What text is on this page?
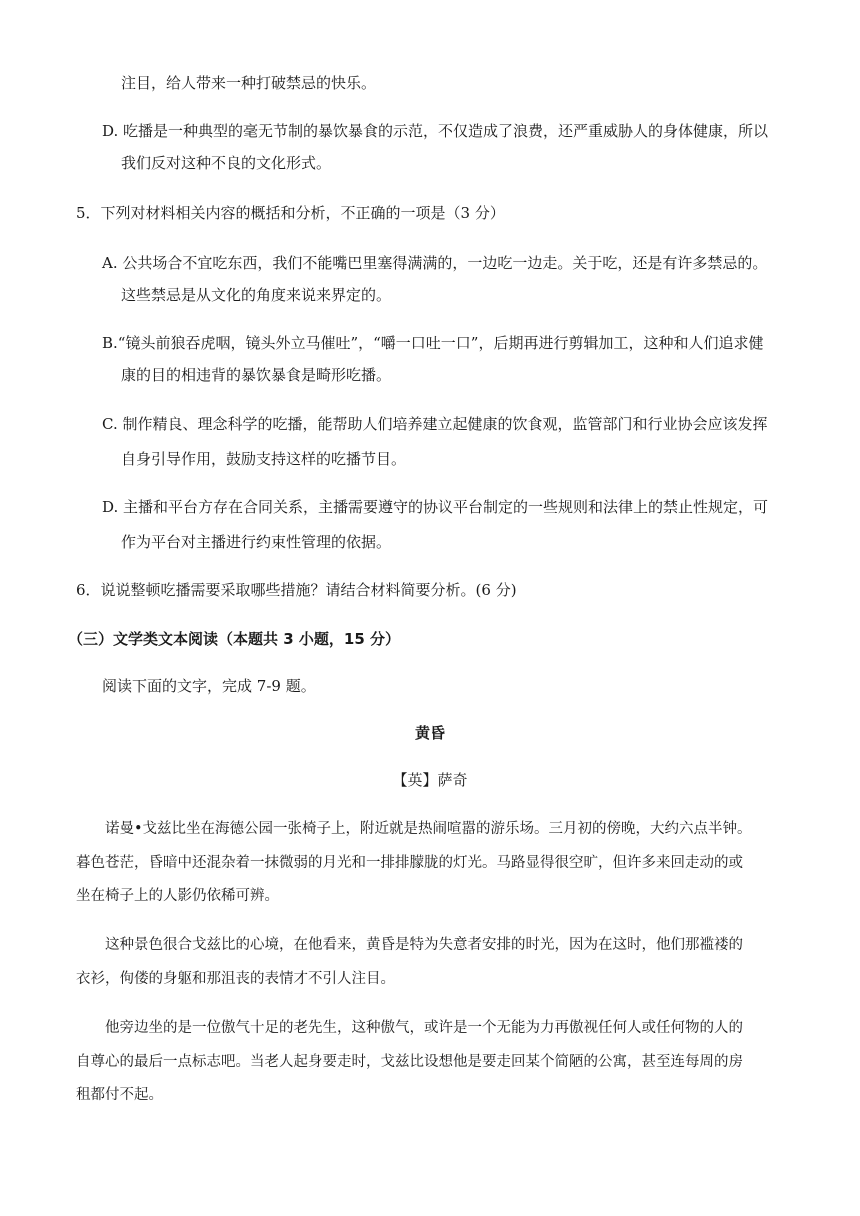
注目，给人带来一种打破禁忌的快乐。
D. 吃播是一种典型的毫无节制的暴饮暴食的示范，不仅造成了浪费，还严重威胁人的身体健康，所以
我们反对这种不良的文化形式。
5．下列对材料相关内容的概括和分析，不正确的一项是（3 分）
A. 公共场合不宜吃东西，我们不能嘴巴里塞得满满的，一边吃一边走。关于吃，还是有许多禁忌的。
这些禁忌是从文化的角度来说来界定的。
B.“镜头前狼吞虎咽，镜头外立马催吐”，“嚼一口吐一口”，后期再进行剪辑加工，这种和人们追求健
康的目的相违背的暴饮暴食是畸形吃播。
C. 制作精良、理念科学的吃播，能帮助人们培养建立起健康的饮食观，监管部门和行业协会应该发挥
自身引导作用，鼓励支持这样的吃播节目。
D. 主播和平台方存在合同关系，主播需要遵守的协议平台制定的一些规则和法律上的禁止性规定，可
作为平台对主播进行约束性管理的依据。
6．说说整顿吃播需要采取哪些措施？请结合材料简要分析。(6 分)
（三）文学类文本阅读（本题共 3 小题，15 分）
阅读下面的文字，完成 7-9 题。
黄昏
【英】萨奇
诺曼•戈兹比坐在海德公园一张椅子上，附近就是热闹喧嚣的游乐场。三月初的傍晚，大约六点半钟。
暮色苍茫，昏暗中还混杂着一抹微弱的月光和一排排朦胧的灯光。马路显得很空旷，但许多来回走动的或
坐在椅子上的人影仍依稀可辨。
这种景色很合戈兹比的心境，在他看来，黄昏是特为失意者安排的时光，因为在这时，他们那褴褛的
衣衫，佝偻的身躯和那沮丧的表情才不引人注目。
他旁边坐的是一位傲气十足的老先生，这种傲气，或许是一个无能为力再傲视任何人或任何物的人的
自尊心的最后一点标志吧。当老人起身要走时，戈兹比设想他是要走回某个简陋的公寓，甚至连每周的房
租都付不起。
